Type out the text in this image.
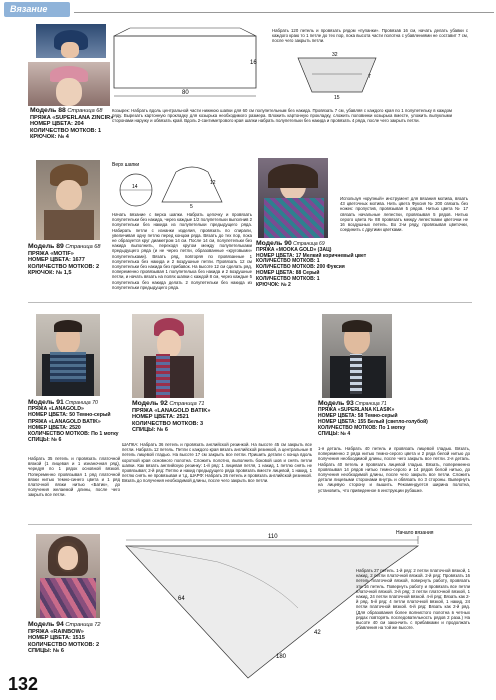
Вязание
Модель 88 Страница 68
ПРЯЖА «SUPERLANA ZINCIR»
НОМЕР ЦВЕТА: 204
КОЛИЧЕСТВО МОТКОВ: 1
КРЮЧОК: № 4
80
16
Набрать 120 петель и провязать рядом «пупанки». Провязав 16 см, начать делать убавки с каждого краю то 1 петле до тех пор, пока высота части полотна с убавлениями не составит 7 см, после чего закрыть петли.
32
7
15
Козырек: Набрать вдоль центральной части нижнюю шапки для 60 см полупетельным без накида. Провязать 7 см, убавляя с каждого края по 1 полупетельку в каждом ряду. Вырезать картонную прокладку для козырька необходимого размера. Вложить картонную прокладку, сложить половинки козырька вместе, уложить выпуклыми сторонами наружу и обвязать край. Вдоль 2-сантиметрового края шапки набрать полупетельки без накида и провязать 4 ряда, после чего закрыть петли.
Модель 89 Страница 68
ПРЯЖА «MOTIF»
НОМЕР ЦВЕТА: 1677
КОЛИЧЕСТВО МОТКОВ: 2
КРЮЧОК: № 1,5
Верх шапки
14
12
5
Начать вязание с верха шапки. Набрать цепочку и провязать полупетельки без накида, через каждые 1/2 полупетельки выполнив 2 полупетельки без накида из полупетельки предыдущего ряда. Набирать петли с изнанки изделия, провязать по спирали, увеличивая одну петлю перед концом ряда. Вязать до тех пор, пока не образуется круг диаметром 14 см. После 14 см, полупетельки без накида выполнить, переходя кругом между полупетельками предыдущего ряда (и не через петли, образованные «круговыми» полупетельками). Вязать ряд, повторяя по провязанные 1 полупетелька без накида и 2 воздушные петли. Провязать 12 см полупетельки без накида без прибавок. На высоте 12 см сделать ряд, попеременно провязывая 1 полупетелька без накида и 2 воздушные петли, и начать вязать на полях шапки с каждой 8 см, через каждые 5 полупетелька без накида делать 2 полупетельки без накида из полупетельки предыдущего ряда.
Модель 90 Страница 69
ПРЯЖА «MOOKA GOLD» (ЗАЦ)
НОМЕР ЦВЕТА: 17 Мелкий коричневый цвет
КОЛИЧЕСТВО МОТКОВ: 1
КОЛИЧЕСТВО МОТКОВ: 200 Фуксия
НОМЕР ЦВЕТА: 88 Серый
КОЛИЧЕСТВО МОТКОВ: 1
КРЮЧОК: № 2
Используя «крупный» инструмент для вязания мотива, вязать 43 цветочных мотива. Нить цвета Фуксия № 200 связать без ножек: пропустив, провязывая 5 рядов. Нитью цвета № 17 связать начальные лепестки, провязывая 5 рядов. Нитью серого цвета № 88 провязать между лепестками цветочки не 16 воздушных петель. Во 2-м ряду, провязывая цветочки, соединить с другими цветками.
Модель 91 Страница 70
ПРЯЖА «LANAGOLD»
НОМЕР ЦВЕТА: 50 Темно-серый
ПРЯЖА «LANAGOLD BATIK»
НОМЕР ЦВЕТА: 2520
КОЛИЧЕСТВО МОТКОВ: По 1 мотку
СПИЦЫ: № 6
Набрать 35 петель и провязать платочной вязкой (1 лицевая и 1 изнаночная ряд), чередуя по 1 рядок основной вязкой. Попеременно провязывая 1 ряд платочной вязки нитью темно-синего цвета и 1 ряд платочной вязки нитью «Батик», до получения желаемой длины, после чего закрыть все петли.
Модель 92 Страница 71
ПРЯЖА «LANAGOLD BATIK»
НОМЕР ЦВЕТА: 2521
КОЛИЧЕСТВО МОТКОВ: 3
СПИЦЫ: № 6
ШАПКА: Набрать 36 петель и провязать английской резинкой. На высоте 45 см закрыть все петли. Набрать 12 петель. Петли с каждого края вязать английской резинкой, а центральные 8 петель лицевой гладью. На высоте 17 см закрыть все петли. Пришить детали с конца вдоль короткой края основного полотна. Сложить полотно, выполнить боковой шов и снять петли шапки. Как вязать английскую резинку: 1-й ряд: 1 лицевая петля, 1 накид, 1 петлю снять не провязывая; 2-й ряд: Петлю и накид предыдущего ряда провязать вместе лицевой, 1 накид, 1 петлю снять не провязывая и т.д. ШАРФ: Набрать 26 петель и провязать английской резинкой. Вязать до получения необходимой длины, после чего закрыть все петли.
Модель 93 Страница 71
ПРЯЖА «SUPERLANA KLASIK»
НОМЕР ЦВЕТА: 58 Темно-серый
НОМЕР ЦВЕТА: 155 Белый (светло-голубой)
КОЛИЧЕСТВО МОТКОВ: По 1 мотку
СПИЦЫ: № 4
1-я деталь. Набрать 40 петель и провязать лицевой гладью. Вязать, попеременно 2 ряда нитью темно-серого цвета и 2 ряда белой нитью до получения необходимой длины, после чего закрыть все петли. 2-я деталь. Набрать 40 петель и провязать лицевой гладью. Вязать, попеременно провязывая 14 рядов нитью темно-серого и 14 рядов белой нитью, до получения необходимой длины, после чего закрыть все петли. Сложить детали лицевыми сторонами внутрь и обвязать по 3 стороны. Вывернуть на лицевую сторону и вышить. Рекомендуется ширина полотна, установить, что приведенное в инструкции рубашке.
Модель 94 Страница 72
ПРЯЖА «RAINBOW»
НОМЕР ЦВЕТА: 1515
КОЛИЧЕСТВО МОТКОВ: 2
СПИЦЫ: № 6
Начало вязания
110
64
42
180
Набрать 27 петель. 1-й ряд: 2 петли платочной вязкой, 1 накид, 2 петли платочной вязкой. 2-й ряд: Провязать 16 петель платочной вязкой, повернуть работу, провязать эти 16 петель. Повернуть работу и провязать все петли платочной вязкой. 3-й ряд: 3 петли платочной вязкой, 1 накид, 24 петли платочной вязкой. 4-й ряд: Вязать как 2-й ряд. 5-й ряд: 4 петли платочной вязкой, 1 накид, 24 петли платочной вязкой. 6-й ряд: Вязать как 2-й ряд. (Для образования более волнистого полотна в четных рядах повторять последовательность рядов 2 раза.) На высоте 40 см закончить с прибавками и продолжать убавления на той же высоте.
132
